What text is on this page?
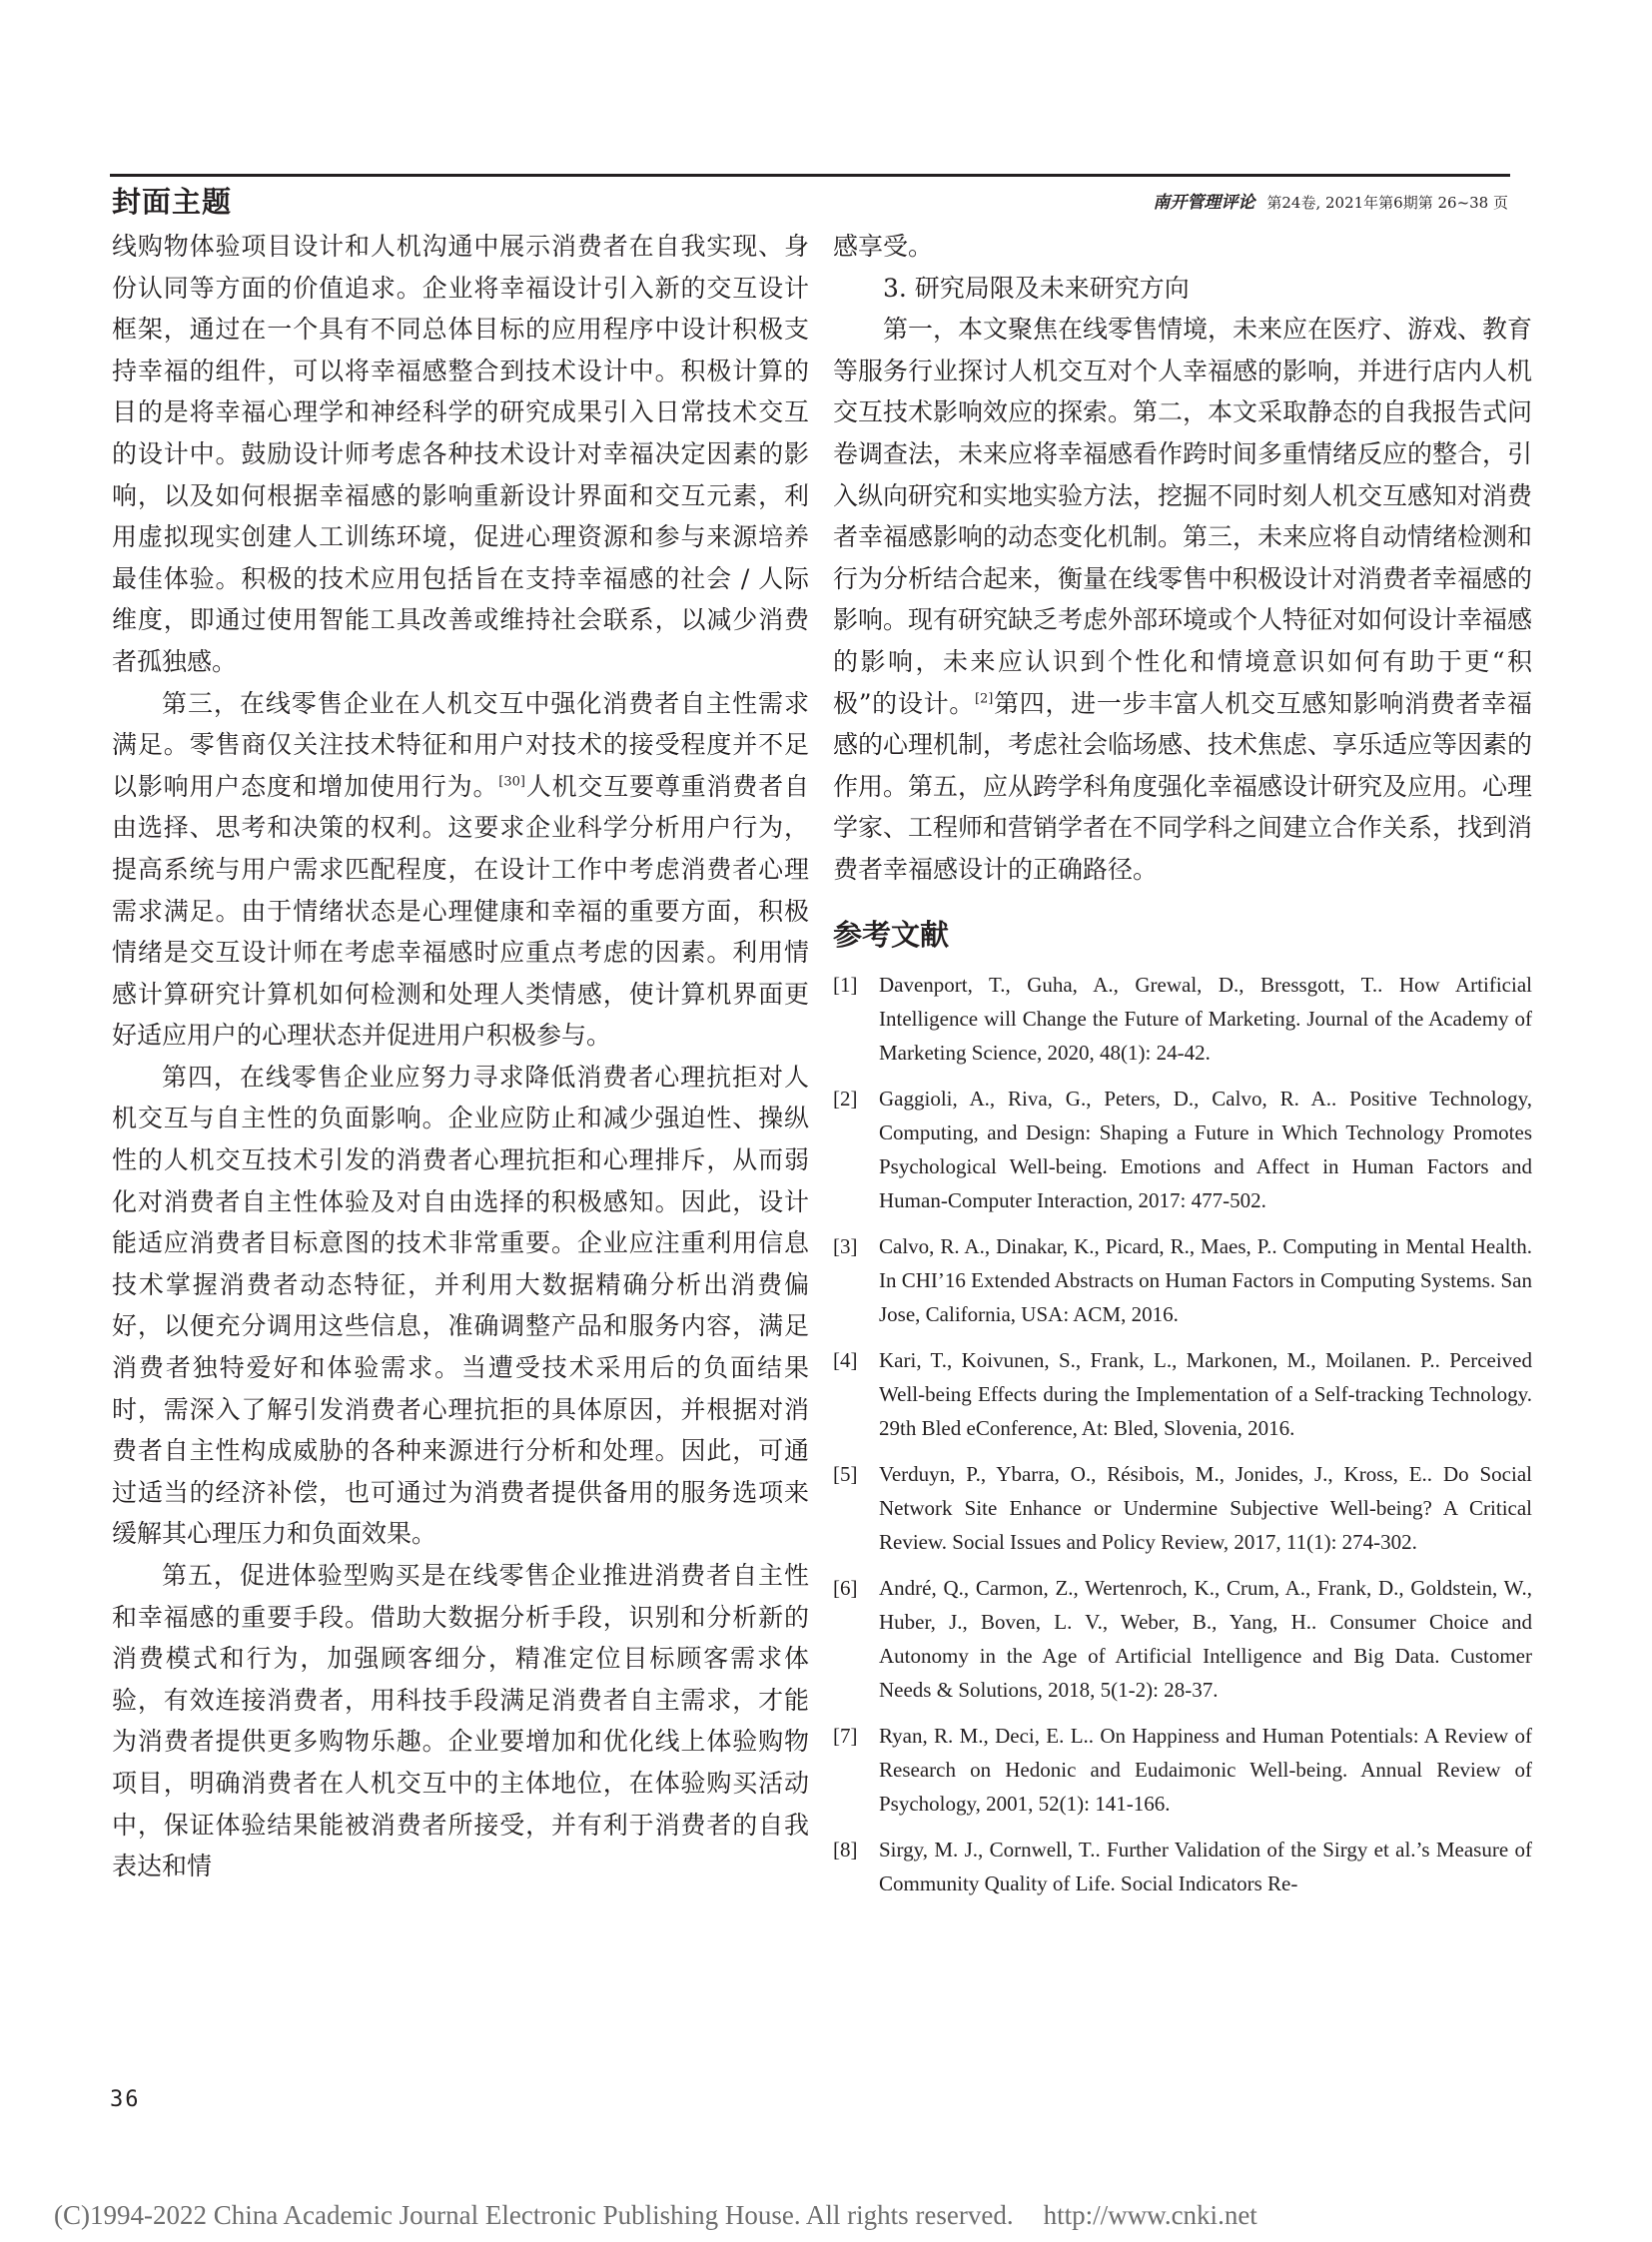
封面主题	南开管理评论 第24卷, 2021年第6期第 26~38 页

线购物体验项目设计和人机沟通中展示消费者在自我实现、身份认同等方面的价值追求。企业将幸福设计引入新的交互设计框架，通过在一个具有不同总体目标的应用程序中设计积极支持幸福的组件，可以将幸福感整合到技术设计中。积极计算的目的是将幸福心理学和神经科学的研究成果引入日常技术交互的设计中。鼓励设计师考虑各种技术设计对幸福决定因素的影响，以及如何根据幸福感的影响重新设计界面和交互元素，利用虚拟现实创建人工训练环境，促进心理资源和参与来源培养最佳体验。积极的技术应用包括旨在支持幸福感的社会 / 人际维度，即通过使用智能工具改善或维持社会联系，以减少消费者孤独感。

第三，在线零售企业在人机交互中强化消费者自主性需求满足。零售商仅关注技术特征和用户对技术的接受程度并不足以影响用户态度和增加使用行为。[30]人机交互要尊重消费者自由选择、思考和决策的权利。这要求企业科学分析用户行为，提高系统与用户需求匹配程度，在设计工作中考虑消费者心理需求满足。由于情绪状态是心理健康和幸福的重要方面，积极情绪是交互设计师在考虑幸福感时应重点考虑的因素。利用情感计算研究计算机如何检测和处理人类情感，使计算机界面更好适应用户的心理状态并促进用户积极参与。

第四，在线零售企业应努力寻求降低消费者心理抗拒对人机交互与自主性的负面影响。企业应防止和减少强迫性、操纵性的人机交互技术引发的消费者心理抗拒和心理排斥，从而弱化对消费者自主性体验及对自由选择的积极感知。因此，设计能适应消费者目标意图的技术非常重要。企业应注重利用信息技术掌握消费者动态特征，并利用大数据精确分析出消费偏好，以便充分调用这些信息，准确调整产品和服务内容，满足消费者独特爱好和体验需求。当遭受技术采用后的负面结果时，需深入了解引发消费者心理抗拒的具体原因，并根据对消费者自主性构成威胁的各种来源进行分析和处理。因此，可通过适当的经济补偿，也可通过为消费者提供备用的服务选项来缓解其心理压力和负面效果。

第五，促进体验型购买是在线零售企业推进消费者自主性和幸福感的重要手段。借助大数据分析手段，识别和分析新的消费模式和行为，加强顾客细分，精准定位目标顾客需求体验，有效连接消费者，用科技手段满足消费者自主需求，才能为消费者提供更多购物乐趣。企业要增加和优化线上体验购物项目，明确消费者在人机交互中的主体地位，在体验购买活动中，保证体验结果能被消费者所接受，并有利于消费者的自我表达和情

感享受。

3. 研究局限及未来研究方向

第一，本文聚焦在线零售情境，未来应在医疗、游戏、教育等服务行业探讨人机交互对个人幸福感的影响，并进行店内人机交互技术影响效应的探索。第二，本文采取静态的自我报告式问卷调查法，未来应将幸福感看作跨时间多重情绪反应的整合，引入纵向研究和实地实验方法，挖掘不同时刻人机交互感知对消费者幸福感影响的动态变化机制。第三，未来应将自动情绪检测和行为分析结合起来，衡量在线零售中积极设计对消费者幸福感的影响。现有研究缺乏考虑外部环境或个人特征对如何设计幸福感的影响，未来应认识到个性化和情境意识如何有助于更“积极”的设计。[2]第四，进一步丰富人机交互感知影响消费者幸福感的心理机制，考虑社会临场感、技术焦虑、享乐适应等因素的作用。第五，应从跨学科角度强化幸福感设计研究及应用。心理学家、工程师和营销学者在不同学科之间建立合作关系，找到消费者幸福感设计的正确路径。

参考文献
[1]	Davenport, T., Guha, A., Grewal, D., Bressgott, T.. How Artificial Intelligence will Change the Future of Marketing. Journal of the Academy of Marketing Science, 2020, 48(1): 24-42.
[2]	Gaggioli, A., Riva, G., Peters, D., Calvo, R. A.. Positive Technology, Computing, and Design: Shaping a Future in Which Technology Promotes Psychological Well-being. Emotions and Affect in Human Factors and Human-Computer Interaction, 2017: 477-502.
[3]	Calvo, R. A., Dinakar, K., Picard, R., Maes, P.. Computing in Mental Health. In CHI’16 Extended Abstracts on Human Factors in Computing Systems. San Jose, California, USA: ACM, 2016.
[4]	Kari, T., Koivunen, S., Frank, L., Markonen, M., Moilanen. P.. Perceived Well-being Effects during the Implementation of a Self-tracking Technology. 29th Bled eConference, At: Bled, Slovenia, 2016.
[5]	Verduyn, P., Ybarra, O., Résibois, M., Jonides, J., Kross, E.. Do Social Network Site Enhance or Undermine Subjective Well-being? A Critical Review. Social Issues and Policy Review, 2017, 11(1): 274-302.
[6]	André, Q., Carmon, Z., Wertenroch, K., Crum, A., Frank, D., Goldstein, W., Huber, J., Boven, L. V., Weber, B., Yang, H.. Consumer Choice and Autonomy in the Age of Artificial Intelligence and Big Data. Customer Needs & Solutions, 2018, 5(1-2): 28-37.
[7]	Ryan, R. M., Deci, E. L.. On Happiness and Human Potentials: A Review of Research on Hedonic and Eudaimonic Well-being. Annual Review of Psychology, 2001, 52(1): 141-166.
[8]	Sirgy, M. J., Cornwell, T.. Further Validation of the Sirgy et al.’s Measure of Community Quality of Life. Social Indicators Re-
36
(C)1994-2022 China Academic Journal Electronic Publishing House. All rights reserved. http://www.cnki.net
